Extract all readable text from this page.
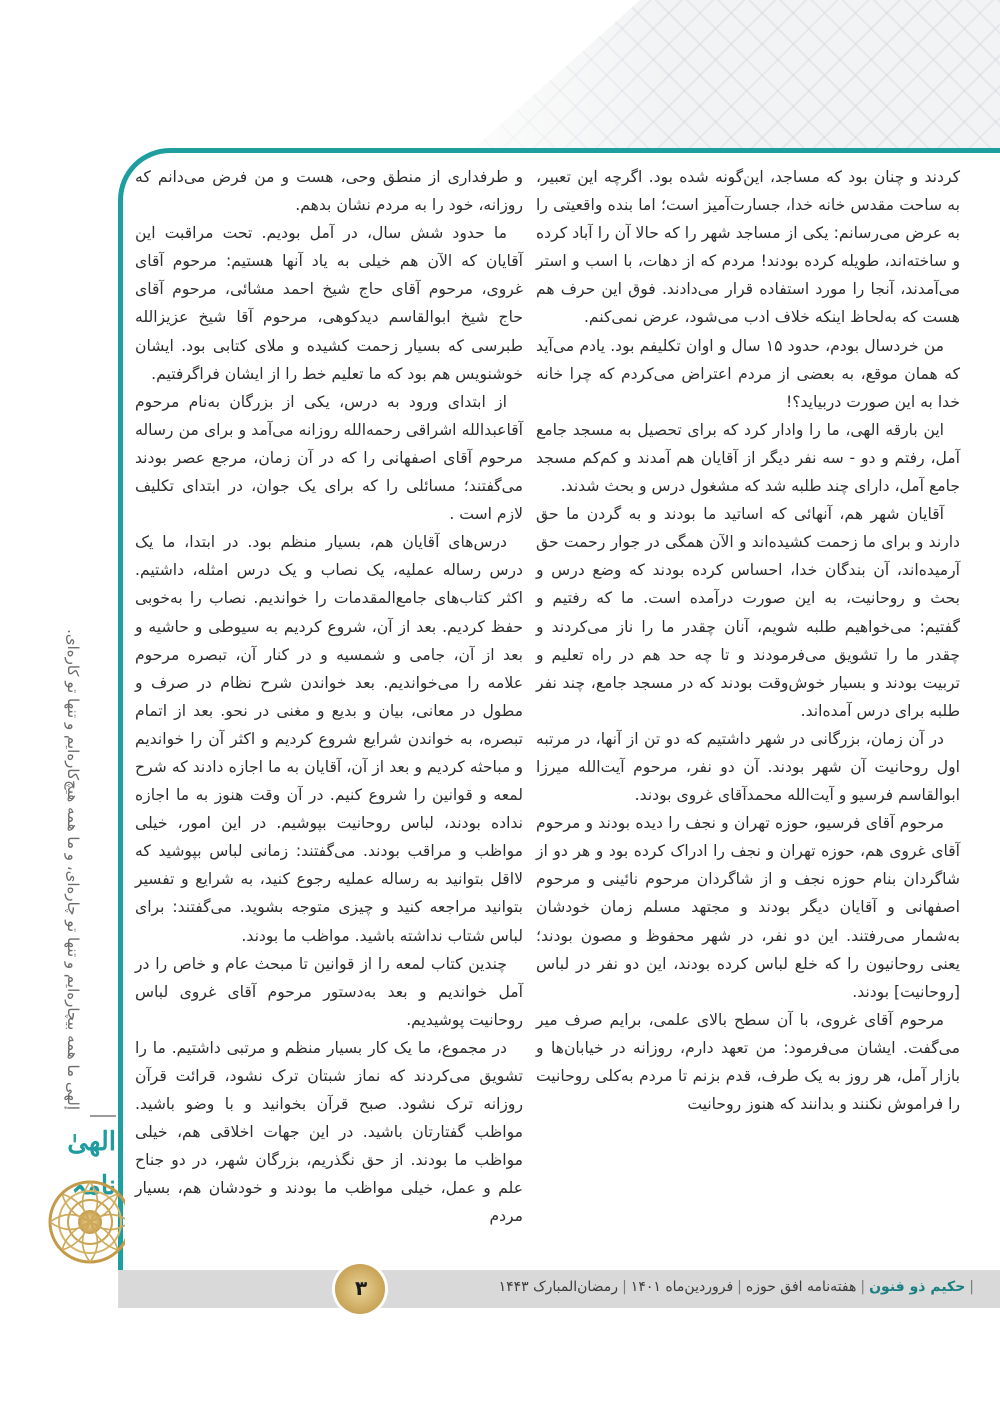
کردند و چنان بود که مساجد، این‌گونه شده بود. اگرچه این تعبیر، به ساحت مقدس خانه خدا، جسارت‌آمیز است؛ اما بنده واقعیتی را به عرض می‌رسانم: یکی از مساجد شهر را که حالا آن را آباد کرده و ساخته‌اند، طویله کرده بودند! مردم که از دهات، با اسب و استر می‌آمدند، آنجا را مورد استفاده قرار می‌دادند. فوق این حرف هم هست که به‌لحاظ اینکه خلاف ادب می‌شود، عرض نمی‌کنم.

من خردسال بودم، حدود ۱۵ سال و اوان تکلیفم بود. یادم می‌آید که همان موقع، به بعضی از مردم اعتراض می‌کردم که چرا خانه خدا به این صورت دربیاید؟!

این بارقه الهی، ما را وادار کرد که برای تحصیل به مسجد جامع آمل، رفتم و دو - سه نفر دیگر از آقایان هم آمدند و کم‌کم مسجد جامع آمل، دارای چند طلبه شد که مشغول درس و بحث شدند.

آقایان شهر هم، آنهائی که اساتید ما بودند و به گردن ما حق دارند و برای ما زحمت کشیده‌اند و الآن همگی در جوار رحمت حق آرمیده‌اند، آن بندگان خدا، احساس کرده بودند که وضع درس و بحث و روحانیت، به این صورت درآمده است. ما که رفتیم و گفتیم: می‌خواهیم طلبه شویم، آنان چقدر ما را ناز می‌کردند و چقدر ما را تشویق می‌فرمودند و تا چه حد هم در راه تعلیم و تربیت بودند و بسیار خوش‌وقت بودند که در مسجد جامع، چند نفر طلبه برای درس آمده‌اند.

در آن زمان، بزرگانی در شهر داشتیم که دو تن از آنها، در مرتبه اول روحانیت آن شهر بودند. آن دو نفر، مرحوم آیت‌الله میرزا ابوالقاسم فرسیو و آیت‌الله محمدآقای غروی بودند.

مرحوم آقای فرسیو، حوزه تهران و نجف را دیده بودند و مرحوم آقای غروی هم، حوزه تهران و نجف را ادراک کرده بود و هر دو از شاگردان بنام حوزه نجف و از شاگردان مرحوم نائینی و مرحوم اصفهانی و آقایان دیگر بودند و مجتهد مسلم زمان خودشان به‌شمار می‌رفتند. این دو نفر، در شهر محفوظ و مصون بودند؛ یعنی روحانیون را که خلع لباس کرده بودند، این دو نفر در لباس [روحانیت] بودند.

مرحوم آقای غروی، با آن سطح بالای علمی، برایم صرف میر می‌گفت. ایشان می‌فرمود: من تعهد دارم، روزانه در خیابان‌ها و بازار آمل، هر روز به یک طرف، قدم بزنم تا مردم به‌کلی روحانیت را فراموش نکنند و بدانند که هنوز روحانیت

و طرفداری از منطق وحی، هست و من فرض می‌دانم که روزانه، خود را به مردم نشان بدهم.

ما حدود شش سال، در آمل بودیم. تحت مراقبت این آقایان که الآن هم خیلی به یاد آنها هستیم: مرحوم آقای غروی، مرحوم آقای حاج شیخ احمد مشائی، مرحوم آقای حاج شیخ ابوالقاسم دیدکوهی، مرحوم آقا شیخ عزیزالله طبرسی که بسیار زحمت کشیده و ملای کتابی بود. ایشان خوشنویس هم بود که ما تعلیم خط را از ایشان فراگرفتیم.

از ابتدای ورود به درس، یکی از بزرگان به‌نام مرحوم آقاعبدالله اشراقی رحمه‌الله روزانه می‌آمد و برای من رساله مرحوم آقای اصفهانی را که در آن زمان، مرجع عصر بودند می‌گفتند؛ مسائلی را که برای یک جوان، در ابتدای تکلیف لازم است .

درس‌های آقایان هم، بسیار منظم بود. در ابتدا، ما یک درس رساله عملیه، یک نصاب و یک درس امثله، داشتیم. اکثر کتاب‌های جامع‌المقدمات را خواندیم. نصاب را به‌خوبی حفظ کردیم. بعد از آن، شروع کردیم به سیوطی و حاشیه و بعد از آن، جامی و شمسیه و در کنار آن، تبصره مرحوم علامه را می‌خواندیم. بعد خواندن شرح نظام در صرف و مطول در معانی، بیان و بدیع و مغنی در نحو. بعد از اتمام تبصره، به خواندن شرایع شروع کردیم و اکثر آن را خواندیم و مباحثه کردیم و بعد از آن، آقایان به ما اجازه دادند که شرح لمعه و قوانین را شروع کنیم. در آن وقت هنوز به ما اجازه نداده بودند، لباس روحانیت بپوشیم. در این امور، خیلی مواظب و مراقب بودند. می‌گفتند: زمانی لباس بپوشید که لااقل بتوانید به رساله عملیه رجوع کنید، به شرایع و تفسیر بتوانید مراجعه کنید و چیزی متوجه بشوید. می‌گفتند: برای لباس شتاب نداشته باشید. مواظب ما بودند.

چندین کتاب لمعه را از قوانین تا مبحث عام و خاص را در آمل خواندیم و بعد به‌دستور مرحوم آقای غروی لباس روحانیت پوشیدیم.

در مجموع، ما یک کار بسیار منظم و مرتبی داشتیم. ما را تشویق می‌کردند که نماز شبتان ترک نشود، قرائت قرآن روزانه ترک نشود. صبح قرآن بخوانید و با وضو باشید. مواظب گفتارتان باشید. در این جهات اخلاقی هم، خیلی مواظب ما بودند. از حق نگذریم، بزرگان شهر، در دو جناح علم و عمل، خیلی مواظب ما بودند و خودشان هم، بسیار مردم

إلهی ما همه بیچاره‌ایم و تنها تو چاره‌ای، و ما همه هیچ‌کاره‌ایم و تنها تو کاره‌ای.
الهیٰ نامہ
۳	|حکیم ذو فنون|هفته‌نامه افق حوزه|فروردین‌ماه ۱۴۰۱|رمضان‌المبارک ۱۴۴۳
